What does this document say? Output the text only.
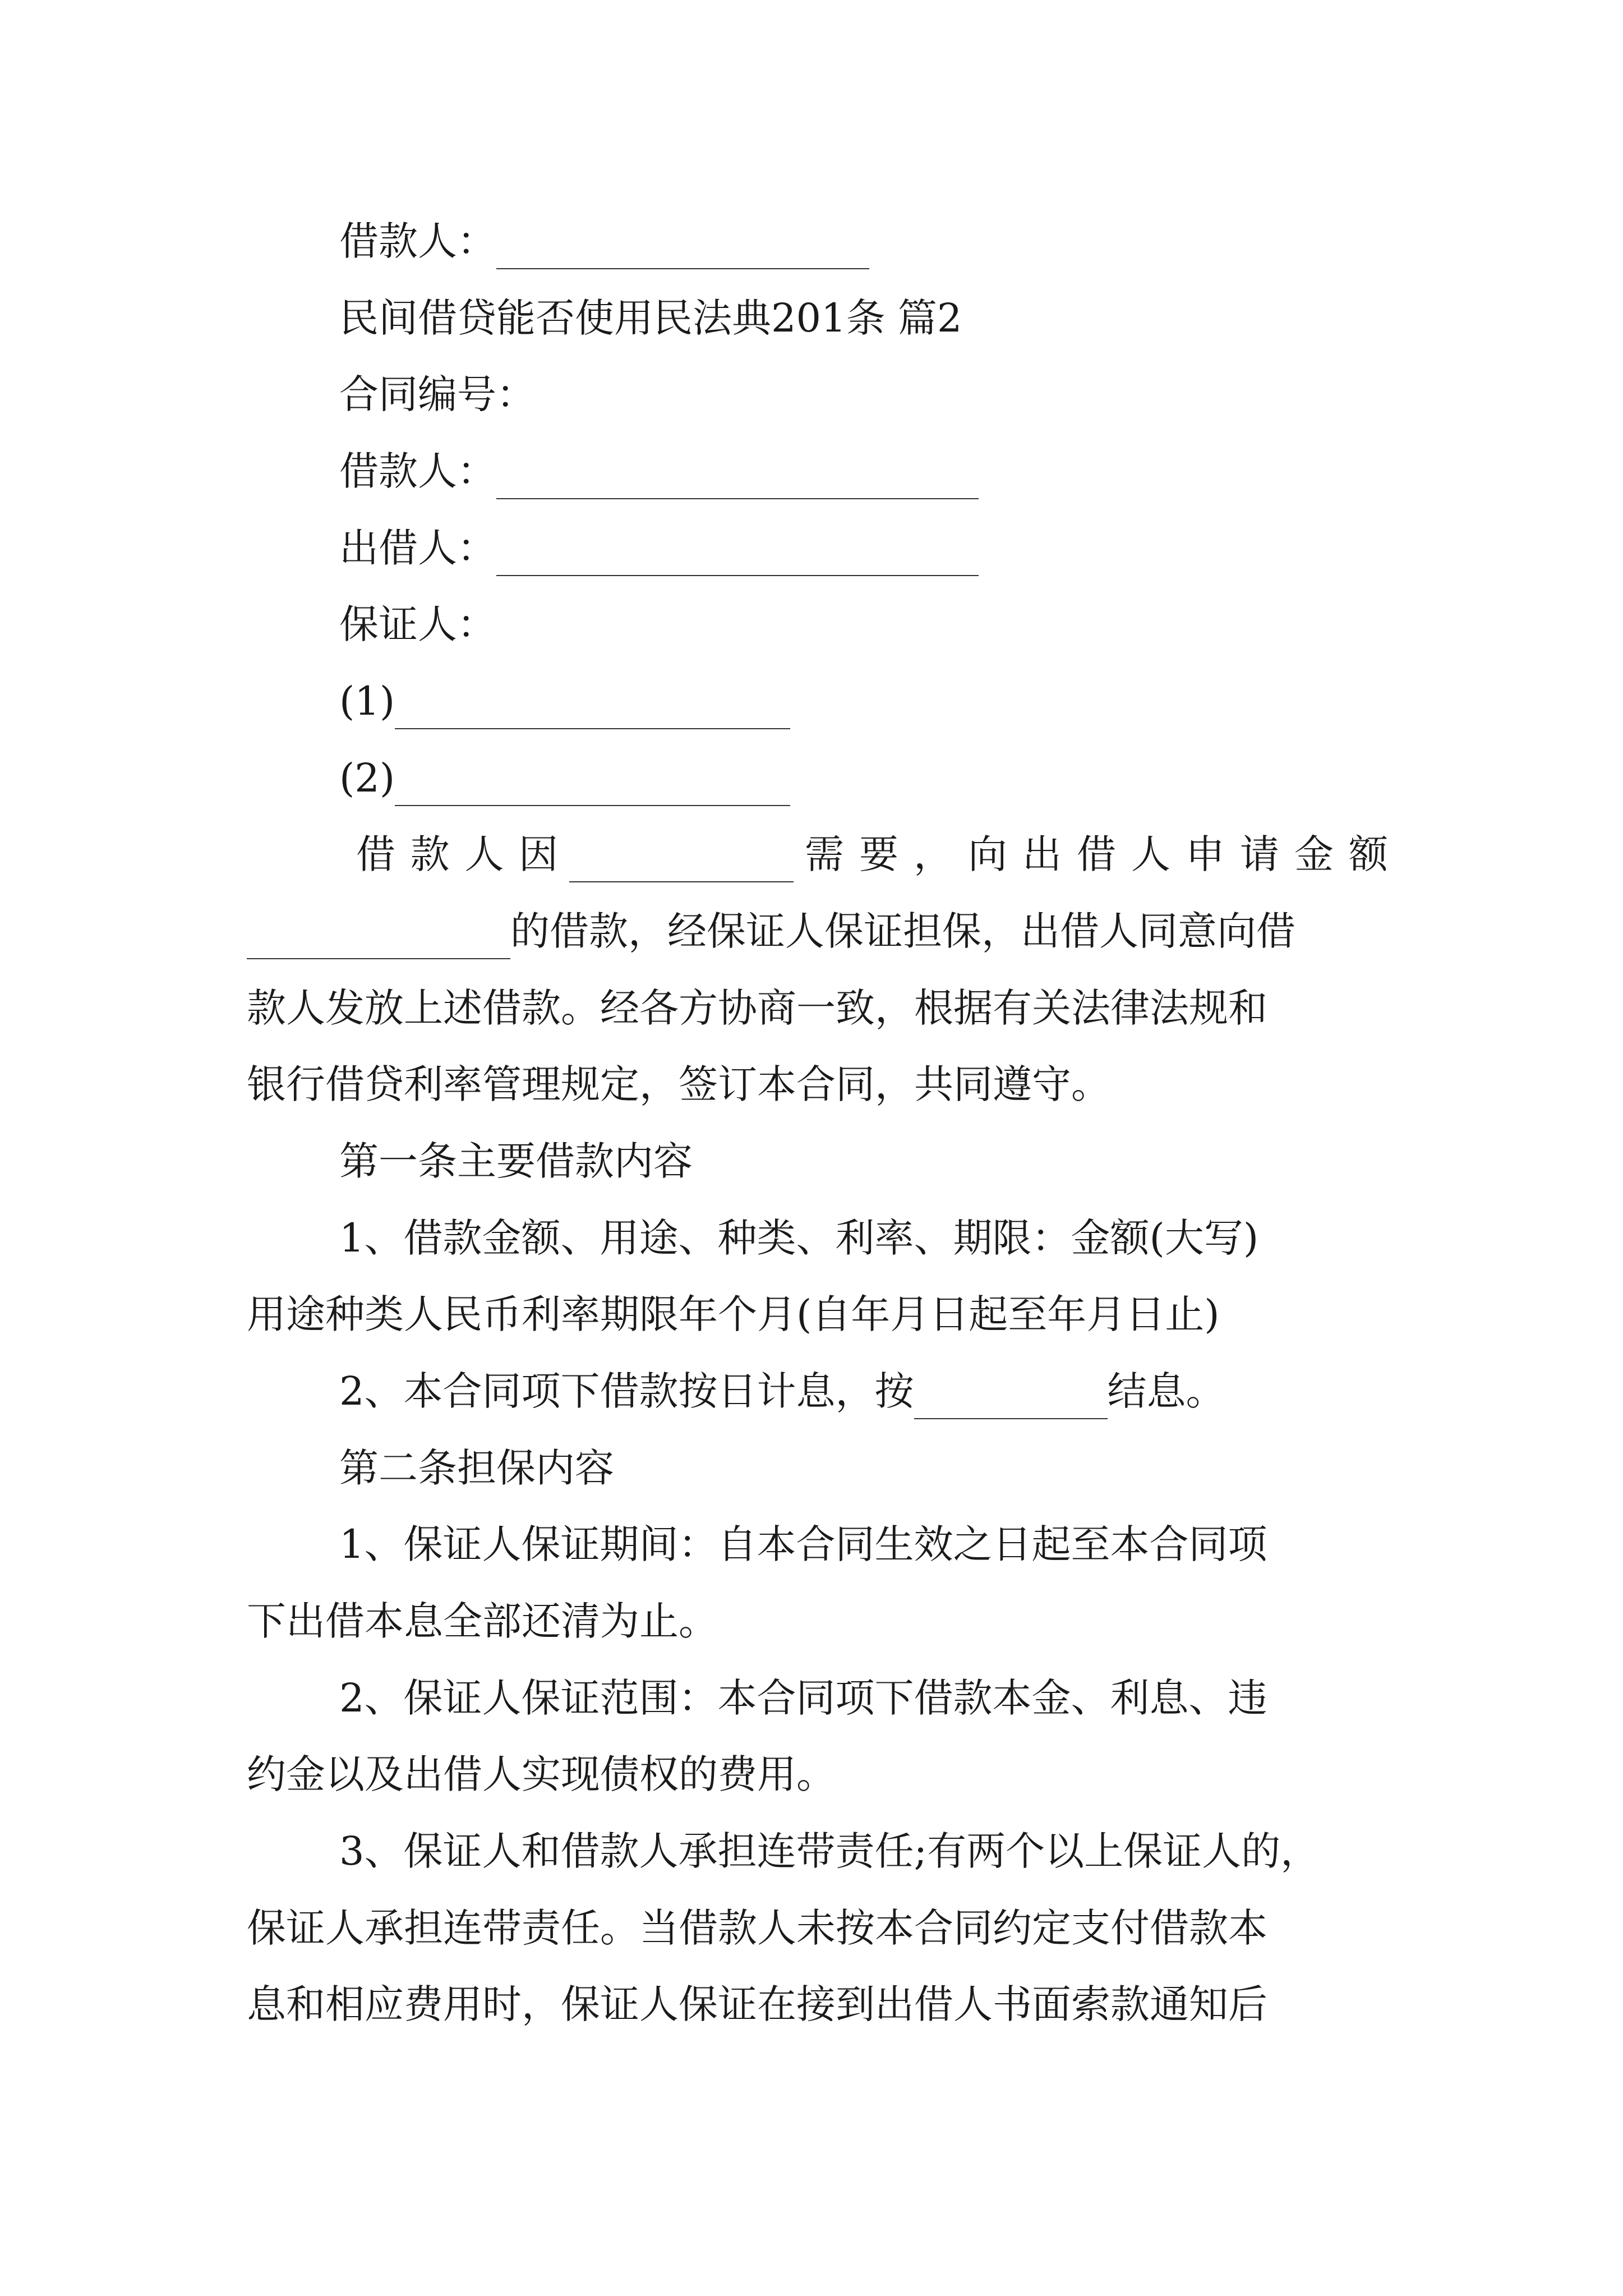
借款人：
民间借贷能否使用民法典201条 篇2
合同编号：
借款人：
出借人：
保证人：
(1)
(2)
借款人因	需要，向出借人申请金额
的借款，经保证人保证担保，出借人同意向借
款人发放上述借款。经各方协商一致，根据有关法律法规和
银行借贷利率管理规定，签订本合同，共同遵守。
第一条主要借款内容
1、借款金额、用途、种类、利率、期限：金额(大写)
用途种类人民币利率期限年个月(自年月日起至年月日止)
2、本合同项下借款按日计息，按	结息。
第二条担保内容
1、保证人保证期间：自本合同生效之日起至本合同项
下出借本息全部还清为止。
2、保证人保证范围：本合同项下借款本金、利息、违
约金以及出借人实现债权的费用。
3、保证人和借款人承担连带责任;有两个以上保证人的，
保证人承担连带责任。当借款人未按本合同约定支付借款本
息和相应费用时，保证人保证在接到出借人书面索款通知后
